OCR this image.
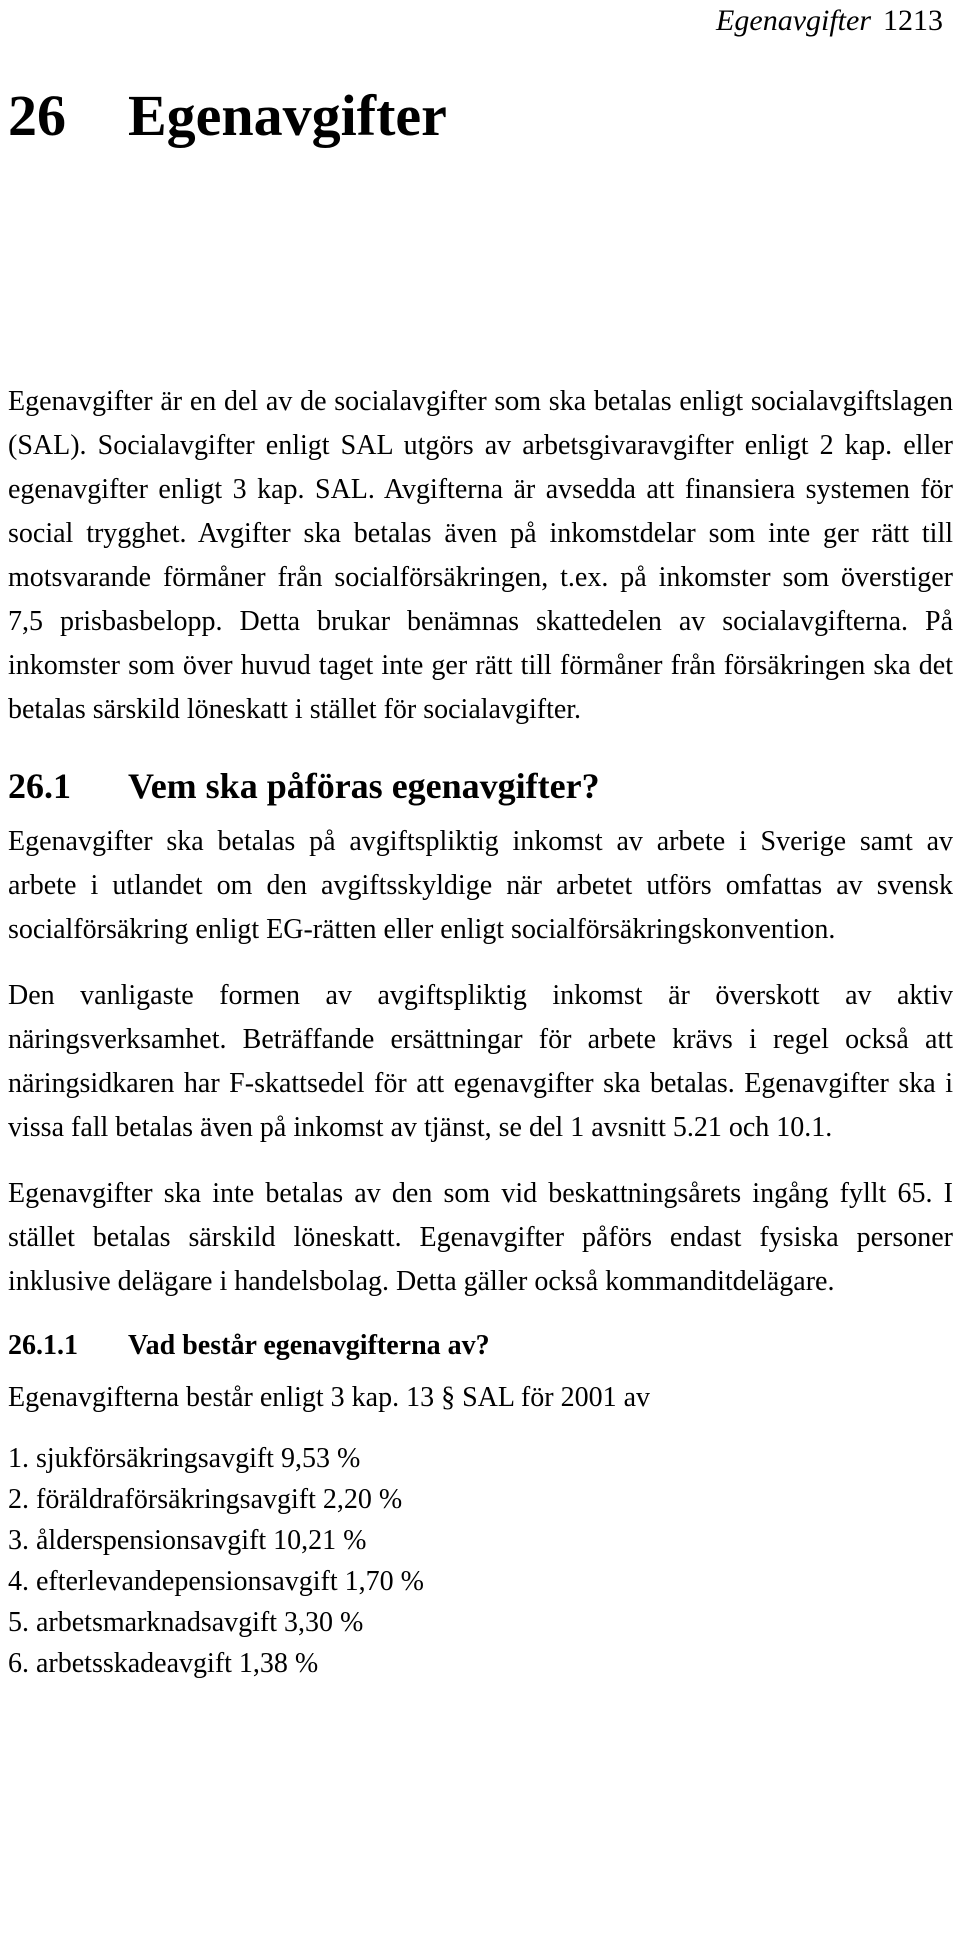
Egenavgifter 1213
26 Egenavgifter

Egenavgifter är en del av de socialavgifter som ska betalas enligt socialavgiftslagen (SAL). Socialavgifter enligt SAL utgörs av arbetsgivaravgifter enligt 2 kap. eller egenavgifter enligt 3 kap. SAL. Avgifterna är avsedda att finansiera systemen för social trygghet. Avgifter ska betalas även på inkomstdelar som inte ger rätt till motsvarande förmåner från socialförsäkringen, t.ex. på inkomster som överstiger 7,5 prisbasbelopp. Detta brukar benämnas skattedelen av socialavgifterna. På inkomster som över huvud taget inte ger rätt till förmåner från försäkringen ska det betalas särskild löneskatt i stället för socialavgifter.

26.1 Vem ska påföras egenavgifter?

Egenavgifter ska betalas på avgiftspliktig inkomst av arbete i Sverige samt av arbete i utlandet om den avgiftsskyldige när arbetet utförs omfattas av svensk socialförsäkring enligt EG-rätten eller enligt socialförsäkringskonvention.

Den vanligaste formen av avgiftspliktig inkomst är överskott av aktiv näringsverksamhet. Beträffande ersättningar för arbete krävs i regel också att näringsidkaren har F-skattsedel för att egenavgifter ska betalas. Egenavgifter ska i vissa fall betalas även på inkomst av tjänst, se del 1 avsnitt 5.21 och 10.1.

Egenavgifter ska inte betalas av den som vid beskattningsårets ingång fyllt 65. I stället betalas särskild löneskatt. Egenavgifter påförs endast fysiska personer inklusive delägare i handelsbolag. Detta gäller också kommanditdelägare.

26.1.1 Vad består egenavgifterna av?

Egenavgifterna består enligt 3 kap. 13 § SAL för 2001 av

1. sjukförsäkringsavgift 9,53 %
2. föräldraförsäkringsavgift 2,20 %
3. ålderspensionsavgift 10,21 %
4. efterlevandepensionsavgift 1,70 %
5. arbetsmarknadsavgift 3,30 %
6. arbetsskadeavgift 1,38 %
